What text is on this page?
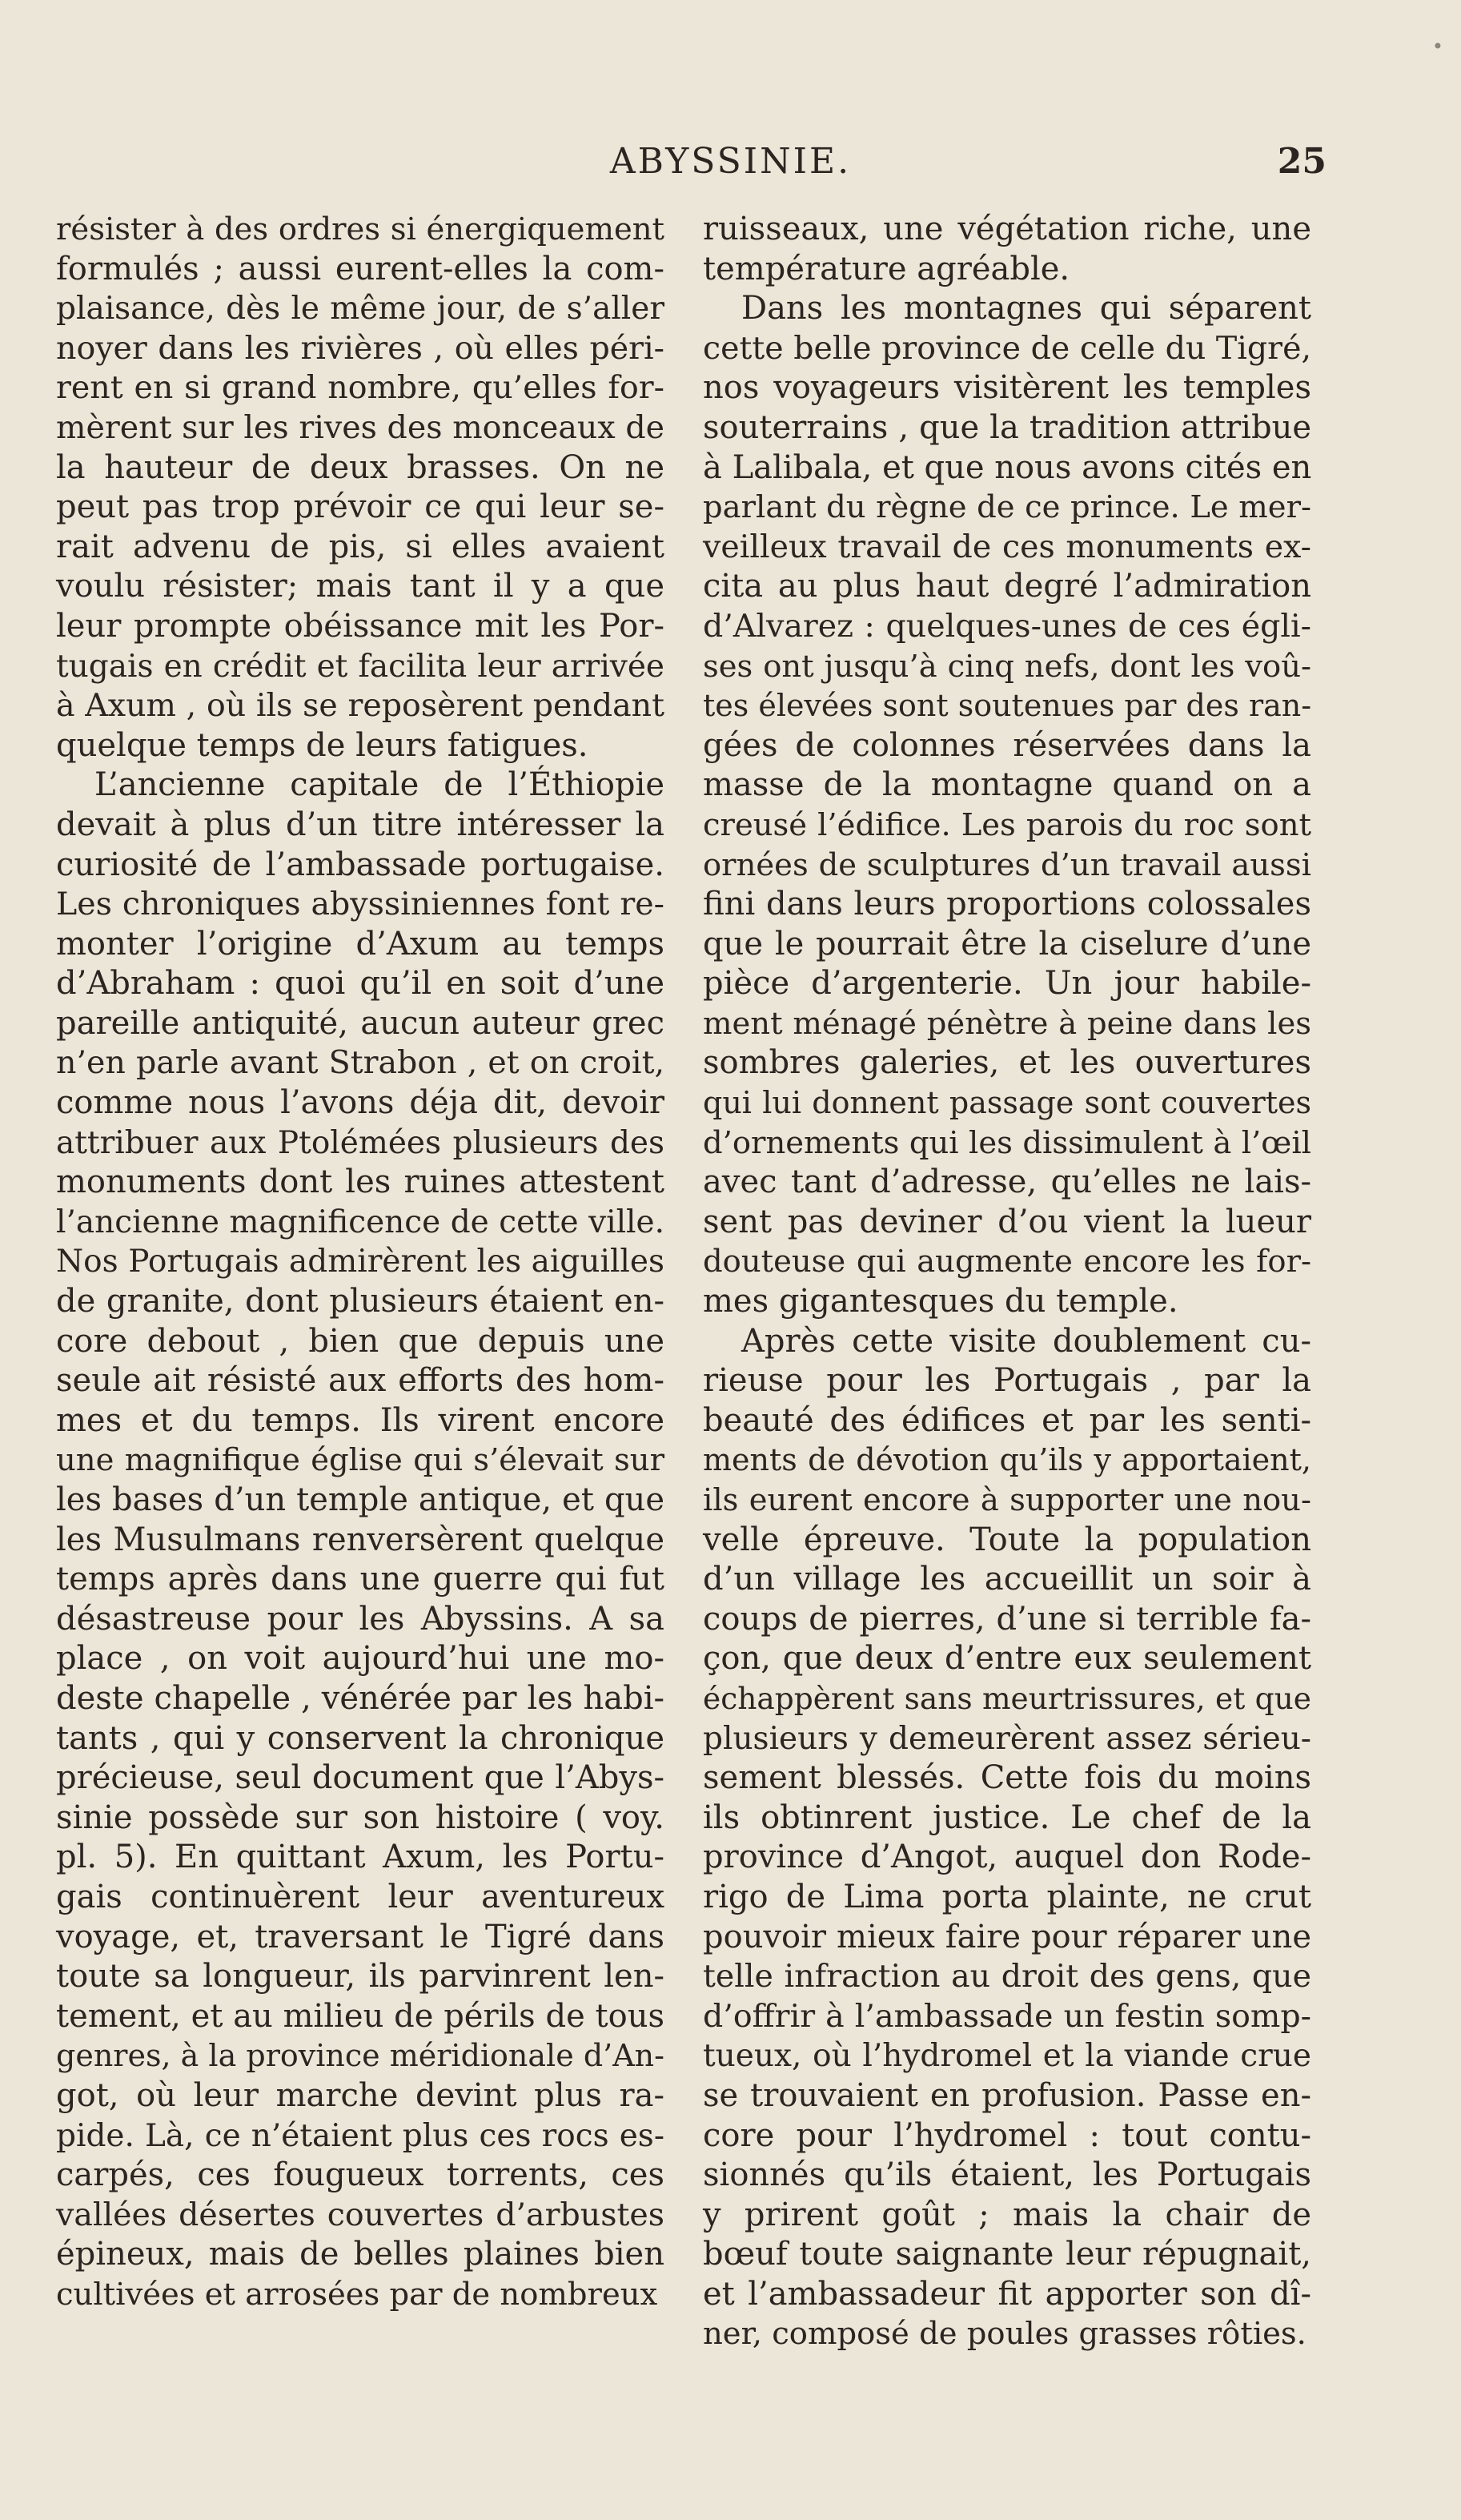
•
ABYSSINIE.	25
résister à des ordres si énergiquement
formulés ; aussi eurent-elles la com-
plaisance, dès le même jour, de s’aller
noyer dans les rivières , où elles péri-
rent en si grand nombre, qu’elles for-
mèrent sur les rives des monceaux de
la hauteur de deux brasses. On ne
peut pas trop prévoir ce qui leur se-
rait advenu de pis, si elles avaient
voulu résister; mais tant il y a que
leur prompte obéissance mit les Por-
tugais en crédit et facilita leur arrivée
à Axum , où ils se reposèrent pendant
quelque temps de leurs fatigues.
L’ancienne capitale de l’Éthiopie
devait à plus d’un titre intéresser la
curiosité de l’ambassade portugaise.
Les chroniques abyssiniennes font re-
monter l’origine d’Axum au temps
d’Abraham : quoi qu’il en soit d’une
pareille antiquité, aucun auteur grec
n’en parle avant Strabon , et on croit,
comme nous l’avons déja dit, devoir
attribuer aux Ptolémées plusieurs des
monuments dont les ruines attestent
l’ancienne magnificence de cette ville.
Nos Portugais admirèrent les aiguilles
de granite, dont plusieurs étaient en-
core debout , bien que depuis une
seule ait résisté aux efforts des hom-
mes et du temps. Ils virent encore
une magnifique église qui s’élevait sur
les bases d’un temple antique, et que
les Musulmans renversèrent quelque
temps après dans une guerre qui fut
désastreuse pour les Abyssins. A sa
place , on voit aujourd’hui une mo-
deste chapelle , vénérée par les habi-
tants , qui y conservent la chronique
précieuse, seul document que l’Abys-
sinie possède sur son histoire ( voy.
pl. 5). En quittant Axum, les Portu-
gais continuèrent leur aventureux
voyage, et, traversant le Tigré dans
toute sa longueur, ils parvinrent len-
tement, et au milieu de périls de tous
genres, à la province méridionale d’An-
got, où leur marche devint plus ra-
pide. Là, ce n’étaient plus ces rocs es-
carpés, ces fougueux torrents, ces
vallées désertes couvertes d’arbustes
épineux, mais de belles plaines bien
cultivées et arrosées par de nombreux
ruisseaux, une végétation riche, une
température agréable.
Dans les montagnes qui séparent
cette belle province de celle du Tigré,
nos voyageurs visitèrent les temples
souterrains , que la tradition attribue
à Lalibala, et que nous avons cités en
parlant du règne de ce prince. Le mer-
veilleux travail de ces monuments ex-
cita au plus haut degré l’admiration
d’Alvarez : quelques-unes de ces égli-
ses ont jusqu’à cinq nefs, dont les voû-
tes élevées sont soutenues par des ran-
gées de colonnes réservées dans la
masse de la montagne quand on a
creusé l’édifice. Les parois du roc sont
ornées de sculptures d’un travail aussi
fini dans leurs proportions colossales
que le pourrait être la ciselure d’une
pièce d’argenterie. Un jour habile-
ment ménagé pénètre à peine dans les
sombres galeries, et les ouvertures
qui lui donnent passage sont couvertes
d’ornements qui les dissimulent à l’œil
avec tant d’adresse, qu’elles ne lais-
sent pas deviner d’ou vient la lueur
douteuse qui augmente encore les for-
mes gigantesques du temple.
Après cette visite doublement cu-
rieuse pour les Portugais , par la
beauté des édifices et par les senti-
ments de dévotion qu’ils y apportaient,
ils eurent encore à supporter une nou-
velle épreuve. Toute la population
d’un village les accueillit un soir à
coups de pierres, d’une si terrible fa-
çon, que deux d’entre eux seulement
échappèrent sans meurtrissures, et que
plusieurs y demeurèrent assez sérieu-
sement blessés. Cette fois du moins
ils obtinrent justice. Le chef de la
province d’Angot, auquel don Rode-
rigo de Lima porta plainte, ne crut
pouvoir mieux faire pour réparer une
telle infraction au droit des gens, que
d’offrir à l’ambassade un festin somp-
tueux, où l’hydromel et la viande crue
se trouvaient en profusion. Passe en-
core pour l’hydromel : tout contu-
sionnés qu’ils étaient, les Portugais
y prirent goût ; mais la chair de
bœuf toute saignante leur répugnait,
et l’ambassadeur fit apporter son dî-
ner, composé de poules grasses rôties.
